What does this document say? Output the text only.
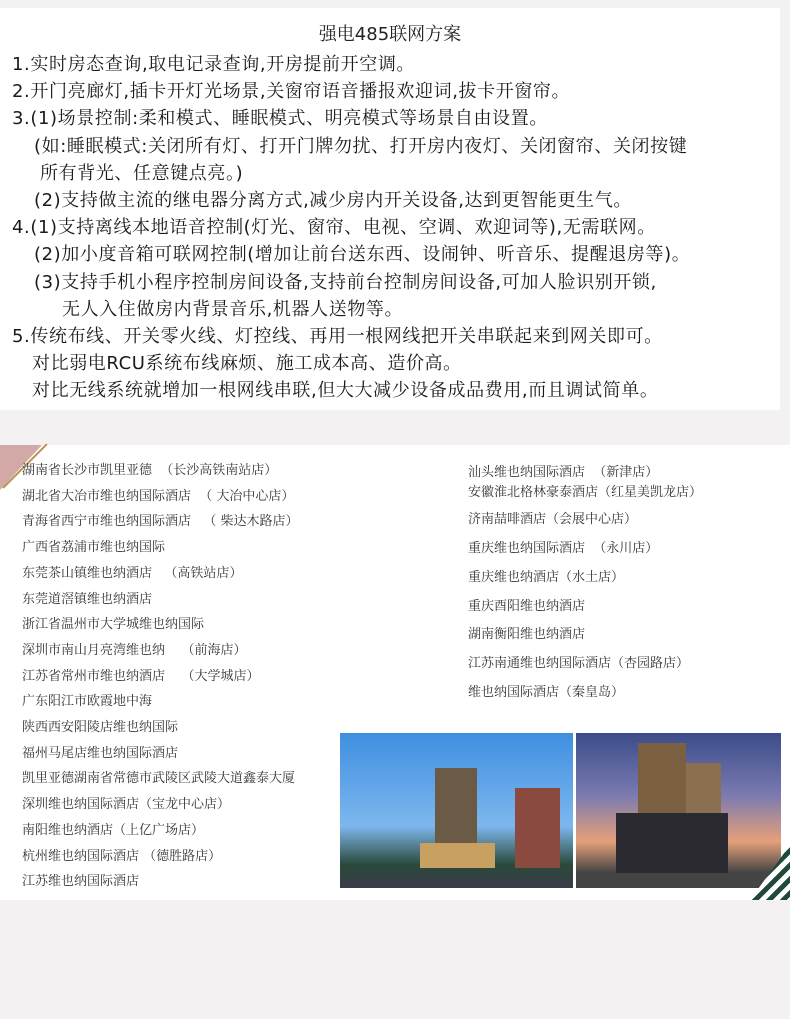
强电485联网方案
1.实时房态查询,取电记录查询,开房提前开空调。
2.开门亮廊灯,插卡开灯光场景,关窗帘语音播报欢迎词,拔卡开窗帘。
3.(1)场景控制:柔和模式、睡眠模式、明亮模式等场景自由设置。
(如:睡眠模式:关闭所有灯、打开门牌勿扰、打开房内夜灯、关闭窗帘、关闭按键
所有背光、任意键点亮。)
(2)支持做主流的继电器分离方式,减少房内开关设备,达到更智能更生气。
4.(1)支持离线本地语音控制(灯光、窗帘、电视、空调、欢迎词等),无需联网。
(2)加小度音箱可联网控制(增加让前台送东西、设闹钟、听音乐、提醒退房等)。
(3)支持手机小程序控制房间设备,支持前台控制房间设备,可加人脸识别开锁,
无人入住做房内背景音乐,机器人送物等。
5.传统布线、开关零火线、灯控线、再用一根网线把开关串联起来到网关即可。
对比弱电RCU系统布线麻烦、施工成本高、造价高。
对比无线系统就增加一根网线串联,但大大减少设备成品费用,而且调试简单。
湖南省长沙市凯里亚德  （长沙高铁南站店）
湖北省大冶市维也纳国际酒店  （ 大冶中心店）
青海省西宁市维也纳国际酒店   （ 柴达木路店）
广西省荔浦市维也纳国际
东莞茶山镇维也纳酒店   （高铁站店）
东莞道滘镇维也纳酒店
浙江省温州市大学城维也纳国际
深圳市南山月亮湾维也纳    （前海店）
江苏省常州市维也纳酒店    （大学城店）
广东阳江市欧霞地中海
陕西西安阳陵店维也纳国际
福州马尾店维也纳国际酒店
凯里亚德湖南省常德市武陵区武陵大道鑫泰大厦
深圳维也纳国际酒店（宝龙中心店）
南阳维也纳酒店（上亿广场店）
杭州维也纳国际酒店 （德胜路店）
江苏维也纳国际酒店
汕头维也纳国际酒店  （新津店）
安徽淮北格林豪泰酒店（红星美凯龙店）
济南喆啡酒店（会展中心店）
重庆维也纳国际酒店  （永川店）
重庆维也纳酒店（水土店）
重庆酉阳维也纳酒店
湖南衡阳维也纳酒店
江苏南通维也纳国际酒店（杏园路店）
维也纳国际酒店（秦皇岛）
